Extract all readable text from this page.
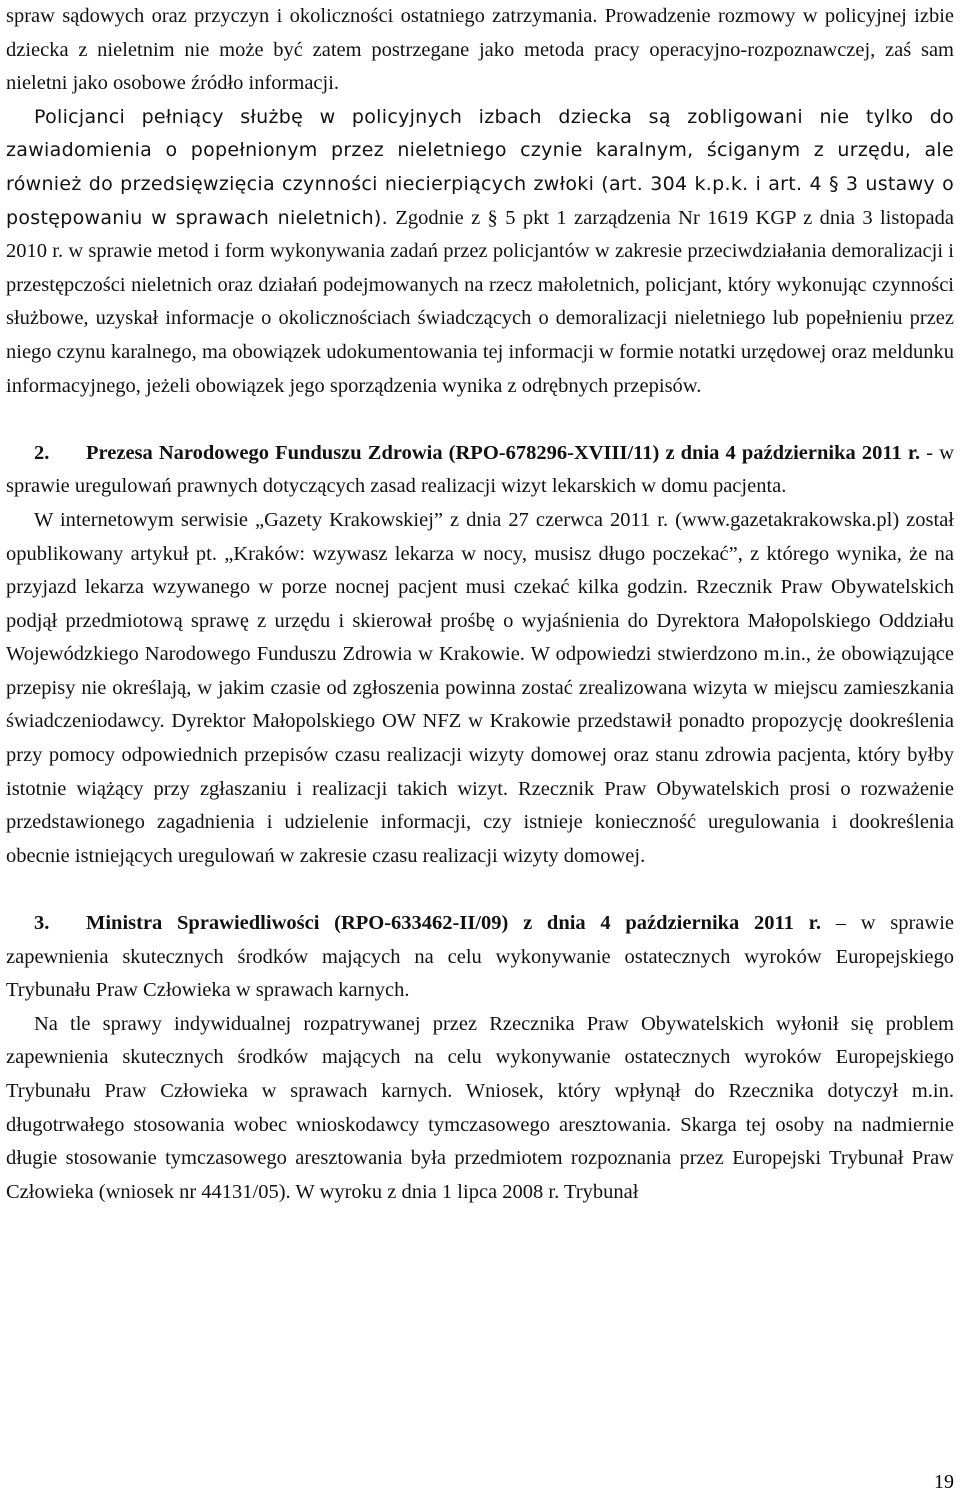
spraw sądowych oraz przyczyn i okoliczności ostatniego zatrzymania. Prowadzenie rozmowy w policyjnej izbie dziecka z nieletnim nie może być zatem postrzegane jako metoda pracy operacyjno-rozpoznawczej, zaś sam nieletni jako osobowe źródło informacji.

Policjanci pełniący służbę w policyjnych izbach dziecka są zobligowani nie tylko do zawiadomienia o popełnionym przez nieletniego czynie karalnym, ściganym z urzędu, ale również do przedsięwzięcia czynności niecierpiących zwłoki (art. 304 k.p.k. i art. 4 § 3 ustawy o postępowaniu w sprawach nieletnich). Zgodnie z § 5 pkt 1 zarządzenia Nr 1619 KGP z dnia 3 listopada 2010 r. w sprawie metod i form wykonywania zadań przez policjantów w zakresie przeciwdziałania demoralizacji i przestępczości nieletnich oraz działań podejmowanych na rzecz małoletnich, policjant, który wykonując czynności służbowe, uzyskał informacje o okolicznościach świadczących o demoralizacji nieletniego lub popełnieniu przez niego czynu karalnego, ma obowiązek udokumentowania tej informacji w formie notatki urzędowej oraz meldunku informacyjnego, jeżeli obowiązek jego sporządzenia wynika z odrębnych przepisów.

2. Prezesa Narodowego Funduszu Zdrowia (RPO-678296-XVIII/11) z dnia 4 października 2011 r. - w sprawie uregulowań prawnych dotyczących zasad realizacji wizyt lekarskich w domu pacjenta.

W internetowym serwisie „Gazety Krakowskiej” z dnia 27 czerwca 2011 r. (www.gazetakrakowska.pl) został opublikowany artykuł pt. „Kraków: wzywasz lekarza w nocy, musisz długo poczekać”, z którego wynika, że na przyjazd lekarza wzywanego w porze nocnej pacjent musi czekać kilka godzin. Rzecznik Praw Obywatelskich podjął przedmiotową sprawę z urzędu i skierował prośbę o wyjaśnienia do Dyrektora Małopolskiego Oddziału Wojewódzkiego Narodowego Funduszu Zdrowia w Krakowie. W odpowiedzi stwierdzono m.in., że obowiązujące przepisy nie określają, w jakim czasie od zgłoszenia powinna zostać zrealizowana wizyta w miejscu zamieszkania świadczeniodawcy. Dyrektor Małopolskiego OW NFZ w Krakowie przedstawił ponadto propozycję dookreślenia przy pomocy odpowiednich przepisów czasu realizacji wizyty domowej oraz stanu zdrowia pacjenta, który byłby istotnie wiążący przy zgłaszaniu i realizacji takich wizyt. Rzecznik Praw Obywatelskich prosi o rozważenie przedstawionego zagadnienia i udzielenie informacji, czy istnieje konieczność uregulowania i dookreślenia obecnie istniejących uregulowań w zakresie czasu realizacji wizyty domowej.

3. Ministra Sprawiedliwości (RPO-633462-II/09) z dnia 4 października 2011 r. – w sprawie zapewnienia skutecznych środków mających na celu wykonywanie ostatecznych wyroków Europejskiego Trybunału Praw Człowieka w sprawach karnych.

Na tle sprawy indywidualnej rozpatrywanej przez Rzecznika Praw Obywatelskich wyłonił się problem zapewnienia skutecznych środków mających na celu wykonywanie ostatecznych wyroków Europejskiego Trybunału Praw Człowieka w sprawach karnych. Wniosek, który wpłynął do Rzecznika dotyczył m.in. długotrwałego stosowania wobec wnioskodawcy tymczasowego aresztowania. Skarga tej osoby na nadmiernie długie stosowanie tymczasowego aresztowania była przedmiotem rozpoznania przez Europejski Trybunał Praw Człowieka (wniosek nr 44131/05). W wyroku z dnia 1 lipca 2008 r. Trybunał

19
